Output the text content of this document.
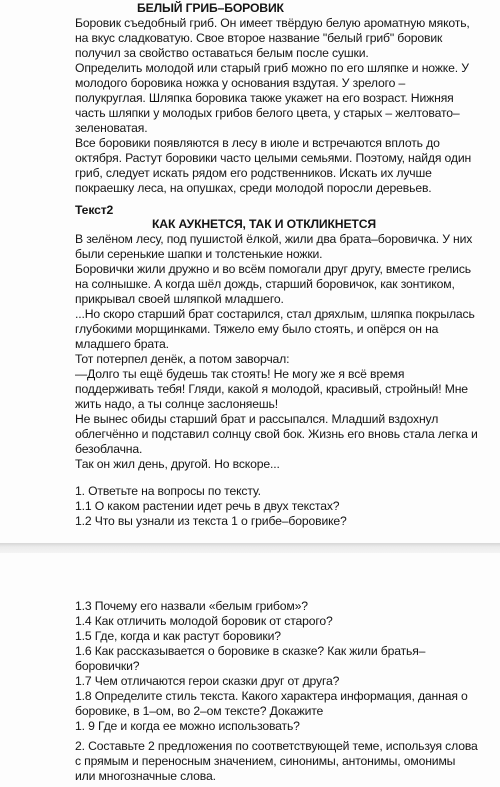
БЕЛЫЙ ГРИБ–БОРОВИК
Боровик съедобный гриб. Он имеет твёрдую белую ароматную мякоть,
на вкус сладковатую. Свое второе название "белый гриб" боровик
получил за свойство оставаться белым после сушки.
Определить молодой или старый гриб можно по его шляпке и ножке. У
молодого боровика ножка у основания вздутая. У зрелого –
полукруглая. Шляпка боровика также укажет на его возраст. Нижняя
часть шляпки у молодых грибов белого цвета, у старых – желтовато–
зеленоватая.
Все боровики появляются в лесу в июле и встречаются вплоть до
октября. Растут боровики часто целыми семьями. Поэтому, найдя один
гриб, следует искать рядом его родственников. Искать их лучше
покраешку леса, на опушках, среди молодой поросли деревьев.
Текст2
КАК АУКНЕТСЯ, ТАК И ОТКЛИКНЕТСЯ
В зелёном лесу, под пушистой ёлкой, жили два брата–боровичка. У них
были серенькие шапки и толстенькие ножки.
Боровички жили дружно и во всём помогали друг другу, вместе грелись
на солнышке. А когда шёл дождь, старший боровичок, как зонтиком,
прикрывал своей шляпкой младшего.
...Но скоро старший брат состарился, стал дряхлым, шляпка покрылась
глубокими морщинками. Тяжело ему было стоять, и опёрся он на
младшего брата.
Тот потерпел денёк, а потом заворчал:
—Долго ты ещё будешь так стоять! Не могу же я всё время
поддерживать тебя! Гляди, какой я молодой, красивый, стройный! Мне
жить надо, а ты солнце заслоняешь!
Не вынес обиды старший брат и рассыпался. Младший вздохнул
облегчённо и подставил солнцу свой бок. Жизнь его вновь стала легка и
безоблачна.
Так он жил день, другой. Но вскоре...
1. Ответьте на вопросы по тексту.
1.1 О каком растении идет речь в двух текстах?
1.2 Что вы узнали из текста 1 о грибе–боровике?
1.3 Почему его назвали «белым грибом»?
1.4 Как отличить молодой боровик от старого?
1.5 Где, когда и как растут боровики?
1.6 Как рассказывается о боровике в сказке? Как жили братья–
боровички?
1.7 Чем отличаются герои сказки друг от друга?
1.8 Определите стиль текста. Какого характера информация, данная о
боровике, в 1–ом, во 2–ом тексте? Докажите
1. 9 Где и когда ее можно использовать?
2. Составьте 2 предложения по соответствующей теме, используя слова
с прямым и переносным значением, синонимы, антонимы, омонимы
или многозначные слова.
